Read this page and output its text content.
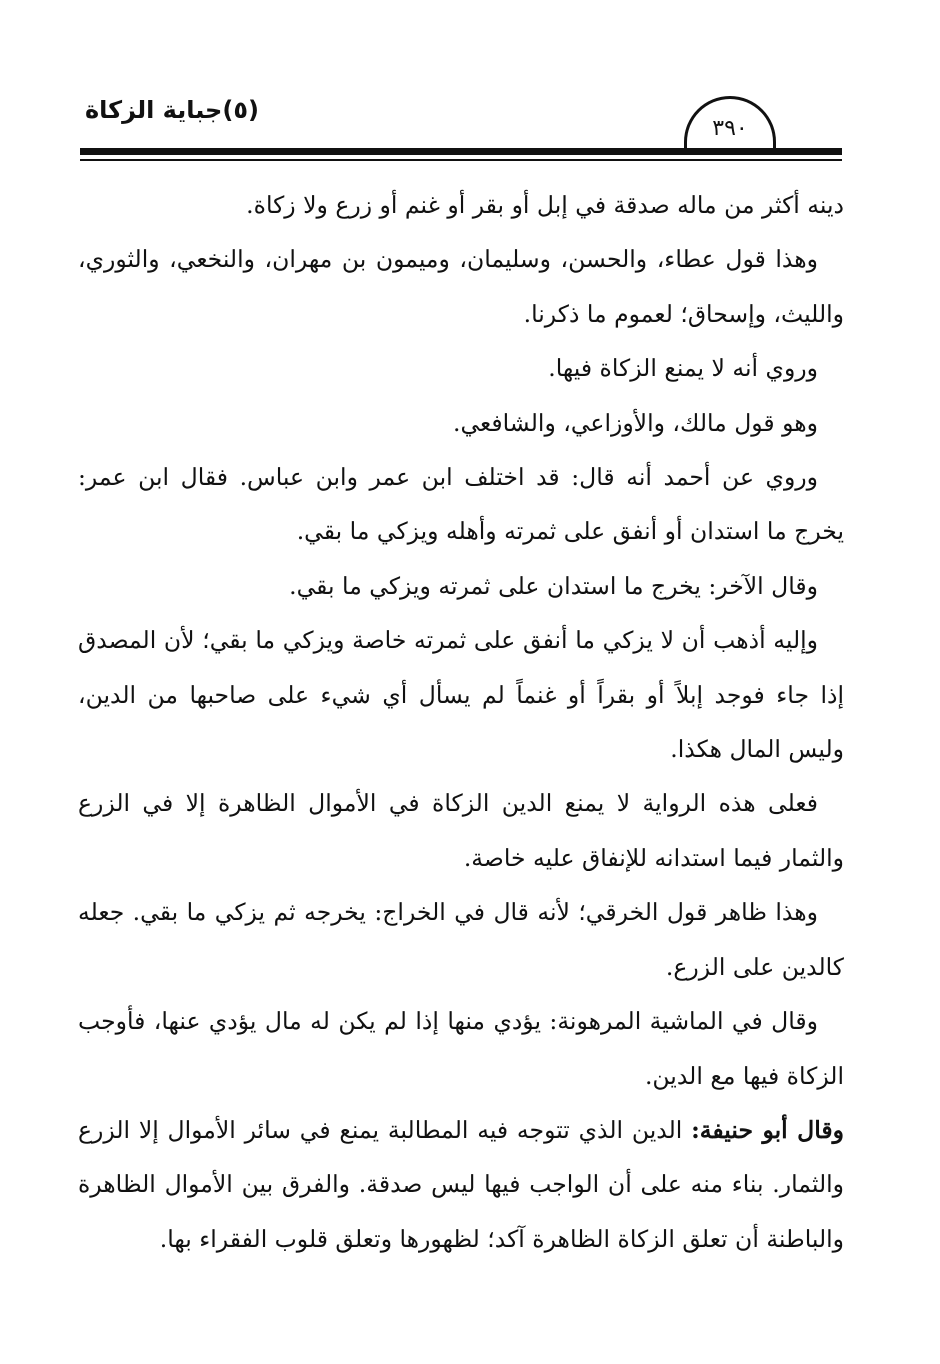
(٥)جباية الزكاة
٣٩٠

دينه أكثر من ماله صدقة في إبل أو بقر أو غنم أو زرع ولا زكاة.

وهذا قول عطاء، والحسن، وسليمان، وميمون بن مهران، والنخعي، والثوري، والليث، وإسحاق؛ لعموم ما ذكرنا.

وروي أنه لا يمنع الزكاة فيها.

وهو قول مالك، والأوزاعي، والشافعي.

وروي عن أحمد أنه قال: قد اختلف ابن عمر وابن عباس. فقال ابن عمر: يخرج ما استدان أو أنفق على ثمرته وأهله ويزكي ما بقي.

وقال الآخر: يخرج ما استدان على ثمرته ويزكي ما بقي.

وإليه أذهب أن لا يزكي ما أنفق على ثمرته خاصة ويزكي ما بقي؛ لأن المصدق إذا جاء فوجد إبلاً أو بقراً أو غنماً لم يسأل أي شيء على صاحبها من الدين، وليس المال هكذا.

فعلى هذه الرواية لا يمنع الدين الزكاة في الأموال الظاهرة إلا في الزرع والثمار فيما استدانه للإنفاق عليه خاصة.

وهذا ظاهر قول الخرقي؛ لأنه قال في الخراج: يخرجه ثم يزكي ما بقي. جعله كالدين على الزرع.

وقال في الماشية المرهونة: يؤدي منها إذا لم يكن له مال يؤدي عنها، فأوجب الزكاة فيها مع الدين.

وقال أبو حنيفة: الدين الذي تتوجه فيه المطالبة يمنع في سائر الأموال إلا الزرع والثمار. بناء منه على أن الواجب فيها ليس صدقة. والفرق بين الأموال الظاهرة والباطنة أن تعلق الزكاة الظاهرة آكد؛ لظهورها وتعلق قلوب الفقراء بها.
